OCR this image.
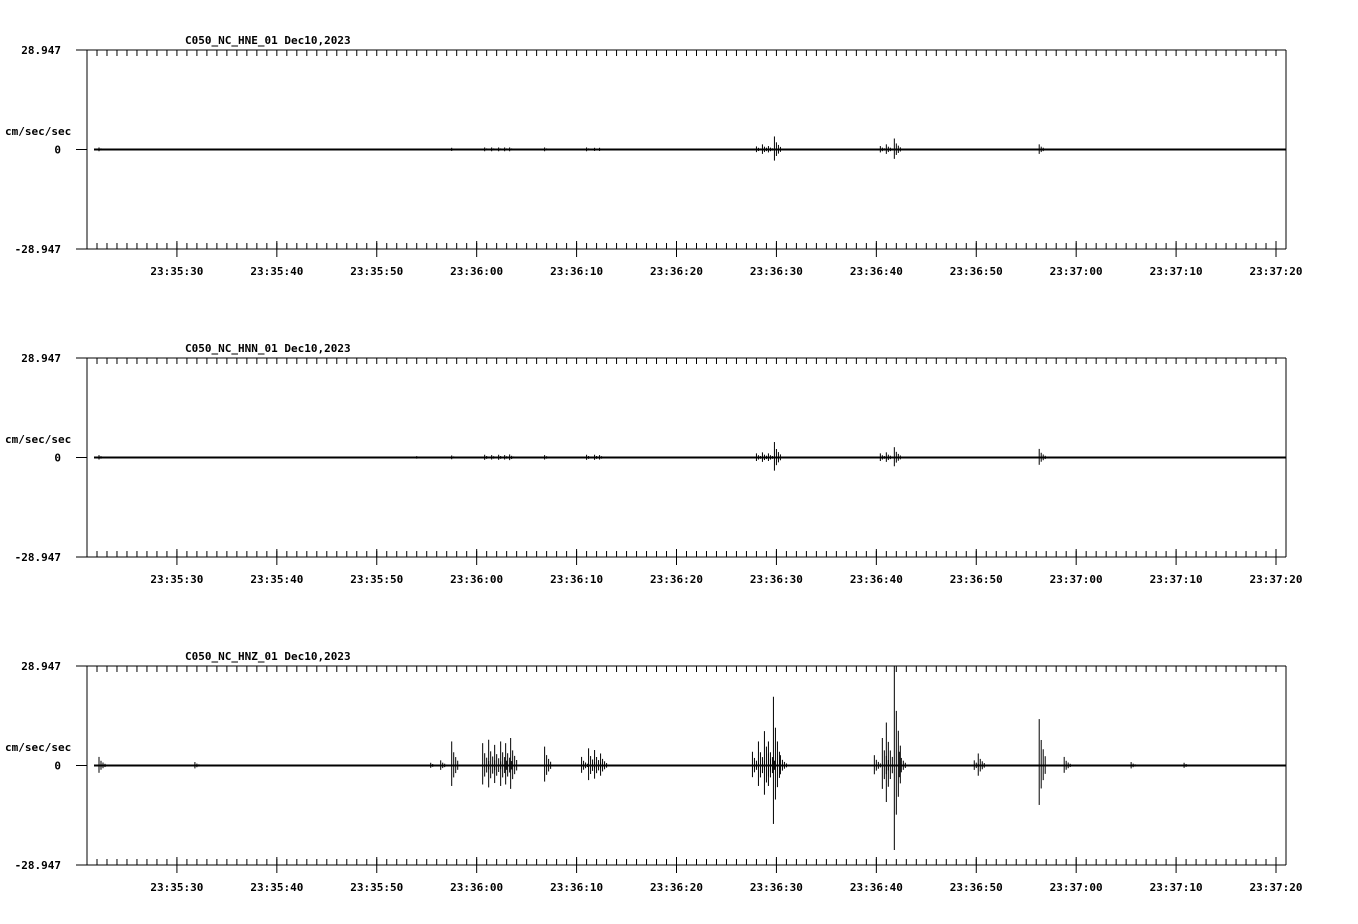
C050_NC_HNE_01 Dec10,2023
cm/sec/sec
28.947
0
-28.947
23:35:30	23:35:40	23:35:50	23:36:00	23:36:10	23:36:20	23:36:30	23:36:40	23:36:50	23:37:00	23:37:10	23:37:20
C050_NC_HNN_01 Dec10,2023
cm/sec/sec
28.947
0
-28.947
23:35:30	23:35:40	23:35:50	23:36:00	23:36:10	23:36:20	23:36:30	23:36:40	23:36:50	23:37:00	23:37:10	23:37:20
C050_NC_HNZ_01 Dec10,2023
cm/sec/sec
28.947
0
-28.947
23:35:30	23:35:40	23:35:50	23:36:00	23:36:10	23:36:20	23:36:30	23:36:40	23:36:50	23:37:00	23:37:10	23:37:20
